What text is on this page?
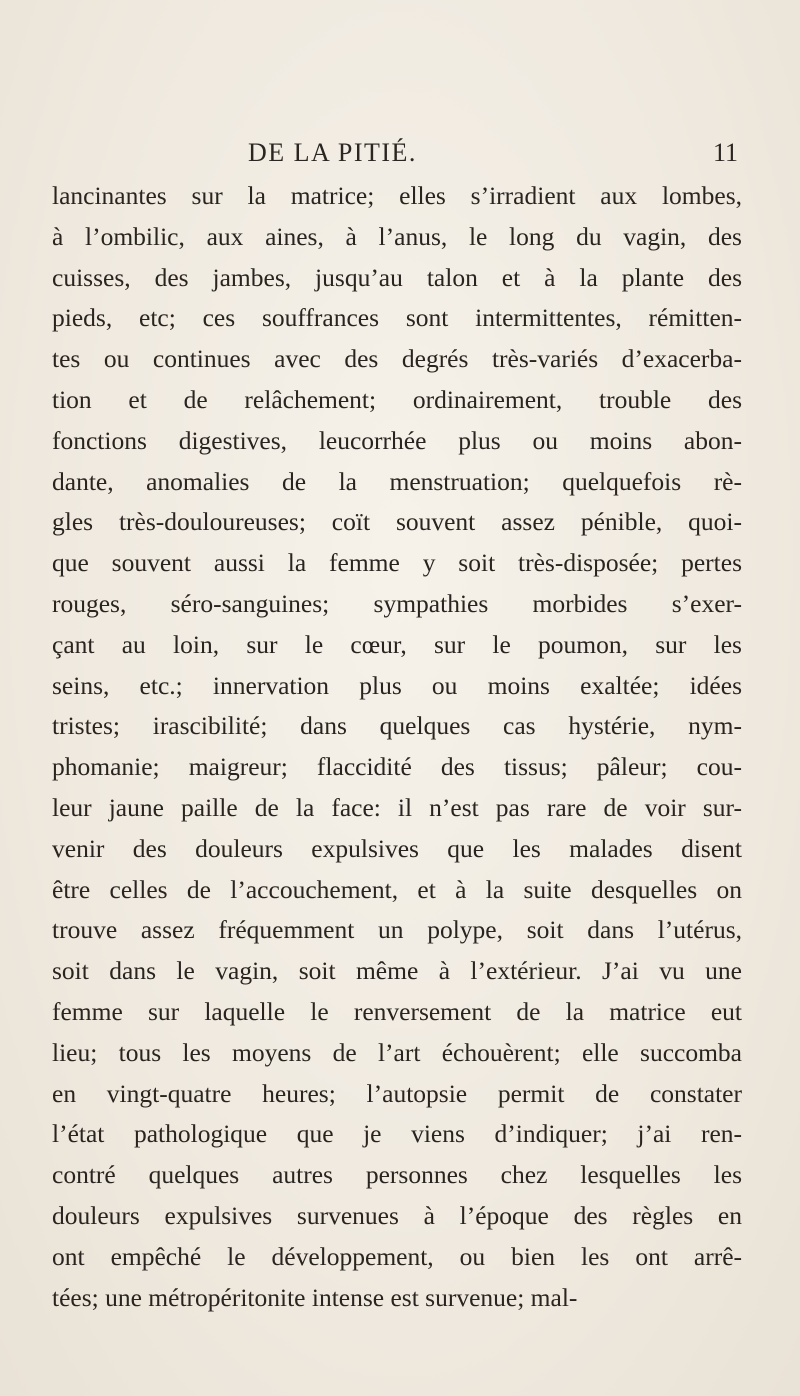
DE LA PITIÉ.	11
lancinantes sur la matrice; elles s’irradient aux lombes,
à l’ombilic, aux aines, à l’anus, le long du vagin, des
cuisses, des jambes, jusqu’au talon et à la plante des
pieds, etc; ces souffrances sont intermittentes, rémitten-
tes ou continues avec des degrés très-variés d’exacerba-
tion et de relâchement; ordinairement, trouble des
fonctions digestives, leucorrhée plus ou moins abon-
dante, anomalies de la menstruation; quelquefois rè-
gles très-douloureuses; coït souvent assez pénible, quoi-
que souvent aussi la femme y soit très-disposée; pertes
rouges, séro-sanguines; sympathies morbides s’exer-
çant au loin, sur le cœur, sur le poumon, sur les
seins, etc.; innervation plus ou moins exaltée; idées
tristes; irascibilité; dans quelques cas hystérie, nym-
phomanie; maigreur; flaccidité des tissus; pâleur; cou-
leur jaune paille de la face: il n’est pas rare de voir sur-
venir des douleurs expulsives que les malades disent
être celles de l’accouchement, et à la suite desquelles on
trouve assez fréquemment un polype, soit dans l’utérus,
soit dans le vagin, soit même à l’extérieur. J’ai vu une
femme sur laquelle le renversement de la matrice eut
lieu; tous les moyens de l’art échouèrent; elle succomba
en vingt-quatre heures; l’autopsie permit de constater
l’état pathologique que je viens d’indiquer; j’ai ren-
contré quelques autres personnes chez lesquelles les
douleurs expulsives survenues à l’époque des règles en
ont empêché le développement, ou bien les ont arrê-
tées; une métropéritonite intense est survenue; mal-
